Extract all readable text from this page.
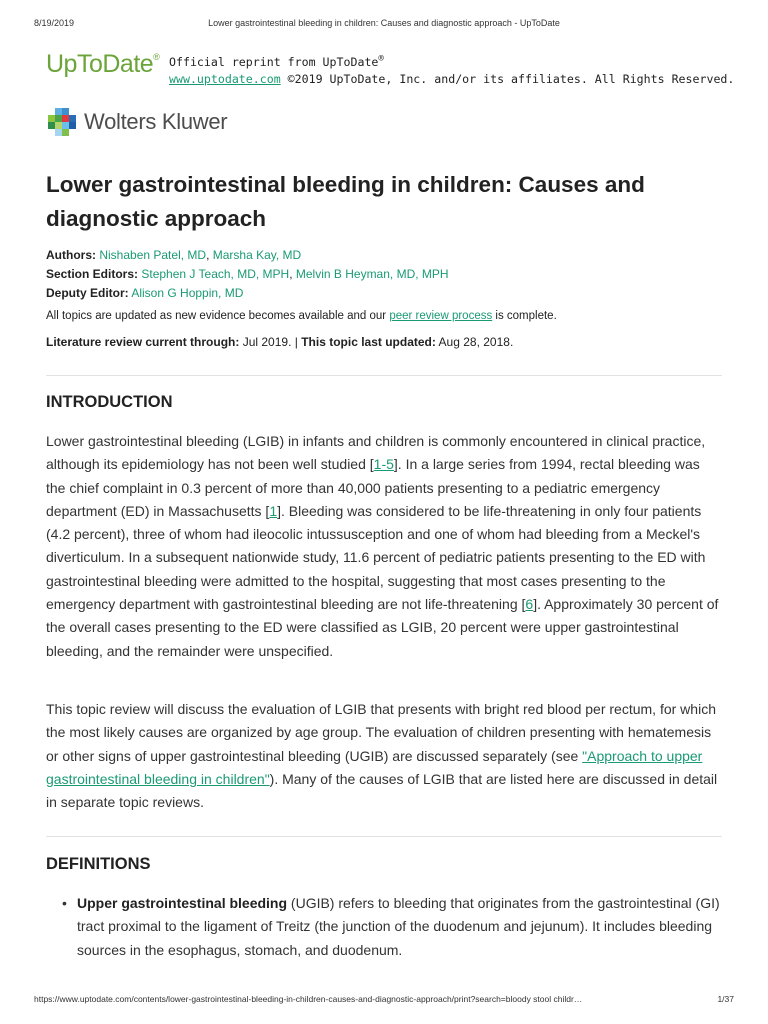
8/19/2019	Lower gastrointestinal bleeding in children: Causes and diagnostic approach - UpToDate
UpToDate® Official reprint from UpToDate®
www.uptodate.com ©2019 UpToDate, Inc. and/or its affiliates. All Rights Reserved.
Wolters Kluwer
Lower gastrointestinal bleeding in children: Causes and diagnostic approach
Authors: Nishaben Patel, MD, Marsha Kay, MD
Section Editors: Stephen J Teach, MD, MPH, Melvin B Heyman, MD, MPH
Deputy Editor: Alison G Hoppin, MD
All topics are updated as new evidence becomes available and our peer review process is complete.
Literature review current through: Jul 2019. | This topic last updated: Aug 28, 2018.
INTRODUCTION

Lower gastrointestinal bleeding (LGIB) in infants and children is commonly encountered in clinical practice, although its epidemiology has not been well studied [1-5]. In a large series from 1994, rectal bleeding was the chief complaint in 0.3 percent of more than 40,000 patients presenting to a pediatric emergency department (ED) in Massachusetts [1]. Bleeding was considered to be life-threatening in only four patients (4.2 percent), three of whom had ileocolic intussusception and one of whom had bleeding from a Meckel's diverticulum. In a subsequent nationwide study, 11.6 percent of pediatric patients presenting to the ED with gastrointestinal bleeding were admitted to the hospital, suggesting that most cases presenting to the emergency department with gastrointestinal bleeding are not life-threatening [6]. Approximately 30 percent of the overall cases presenting to the ED were classified as LGIB, 20 percent were upper gastrointestinal bleeding, and the remainder were unspecified.

This topic review will discuss the evaluation of LGIB that presents with bright red blood per rectum, for which the most likely causes are organized by age group. The evaluation of children presenting with hematemesis or other signs of upper gastrointestinal bleeding (UGIB) are discussed separately (see "Approach to upper gastrointestinal bleeding in children"). Many of the causes of LGIB that are listed here are discussed in detail in separate topic reviews.

DEFINITIONS
• Upper gastrointestinal bleeding (UGIB) refers to bleeding that originates from the gastrointestinal (GI) tract proximal to the ligament of Treitz (the junction of the duodenum and jejunum). It includes bleeding sources in the esophagus, stomach, and duodenum.
https://www.uptodate.com/contents/lower-gastrointestinal-bleeding-in-children-causes-and-diagnostic-approach/print?search=bloody stool childr…	1/37
